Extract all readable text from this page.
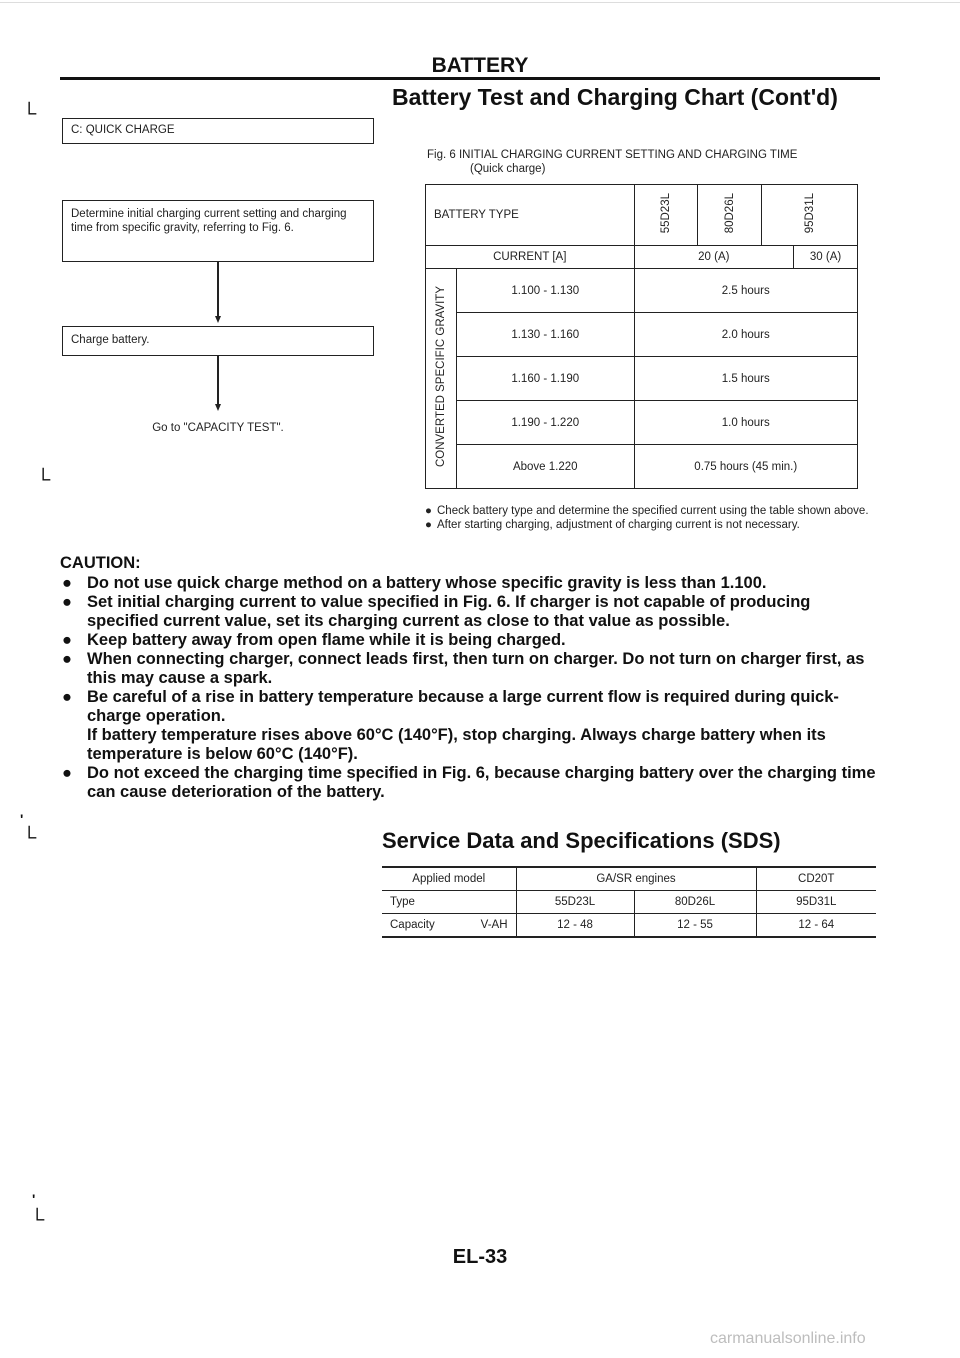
BATTERY
Battery Test and Charging Chart (Cont'd)
└
└
'
└
'
└
C: QUICK CHARGE
Determine initial charging current setting and charging time from specific gravity, referring to Fig. 6.
Charge battery.
Go to "CAPACITY TEST".
Fig. 6 INITIAL CHARGING CURRENT SETTING AND CHARGING TIME
(Quick charge)
BATTERY TYPE		55D23L	80D26L	95D31L	
CURRENT [A]		20 (A)			30 (A)
CONVERTED SPECIFIC GRAVITY	1.100 - 1.130	2.5 hours			
	1.130 - 1.160	2.0 hours			
	1.160 - 1.190	1.5 hours			
	1.190 - 1.220	1.0 hours			
	Above 1.220	0.75 hours (45 min.)			
● Check battery type and determine the specified current using the table shown above.
● After starting charging, adjustment of charging current is not necessary.
CAUTION:
● Do not use quick charge method on a battery whose specific gravity is less than 1.100.
● Set initial charging current to value specified in Fig. 6. If charger is not capable of producing specified current value, set its charging current as close to that value as possible.
● Keep battery away from open flame while it is being charged.
● When connecting charger, connect leads first, then turn on charger. Do not turn on charger first, as this may cause a spark.
● Be careful of a rise in battery temperature because a large current flow is required during quick-charge operation.
If battery temperature rises above 60°C (140°F), stop charging. Always charge battery when its temperature is below 60°C (140°F).
● Do not exceed the charging time specified in Fig. 6, because charging battery over the charging time can cause deterioration of the battery.
Service Data and Specifications (SDS)
Applied model	GA/SR engines		CD20T
Type	55D23L	80D26L	95D31L

Capacity V-AH	12 - 48	12 - 55	12 - 64
EL-33
carmanualsonline.info
